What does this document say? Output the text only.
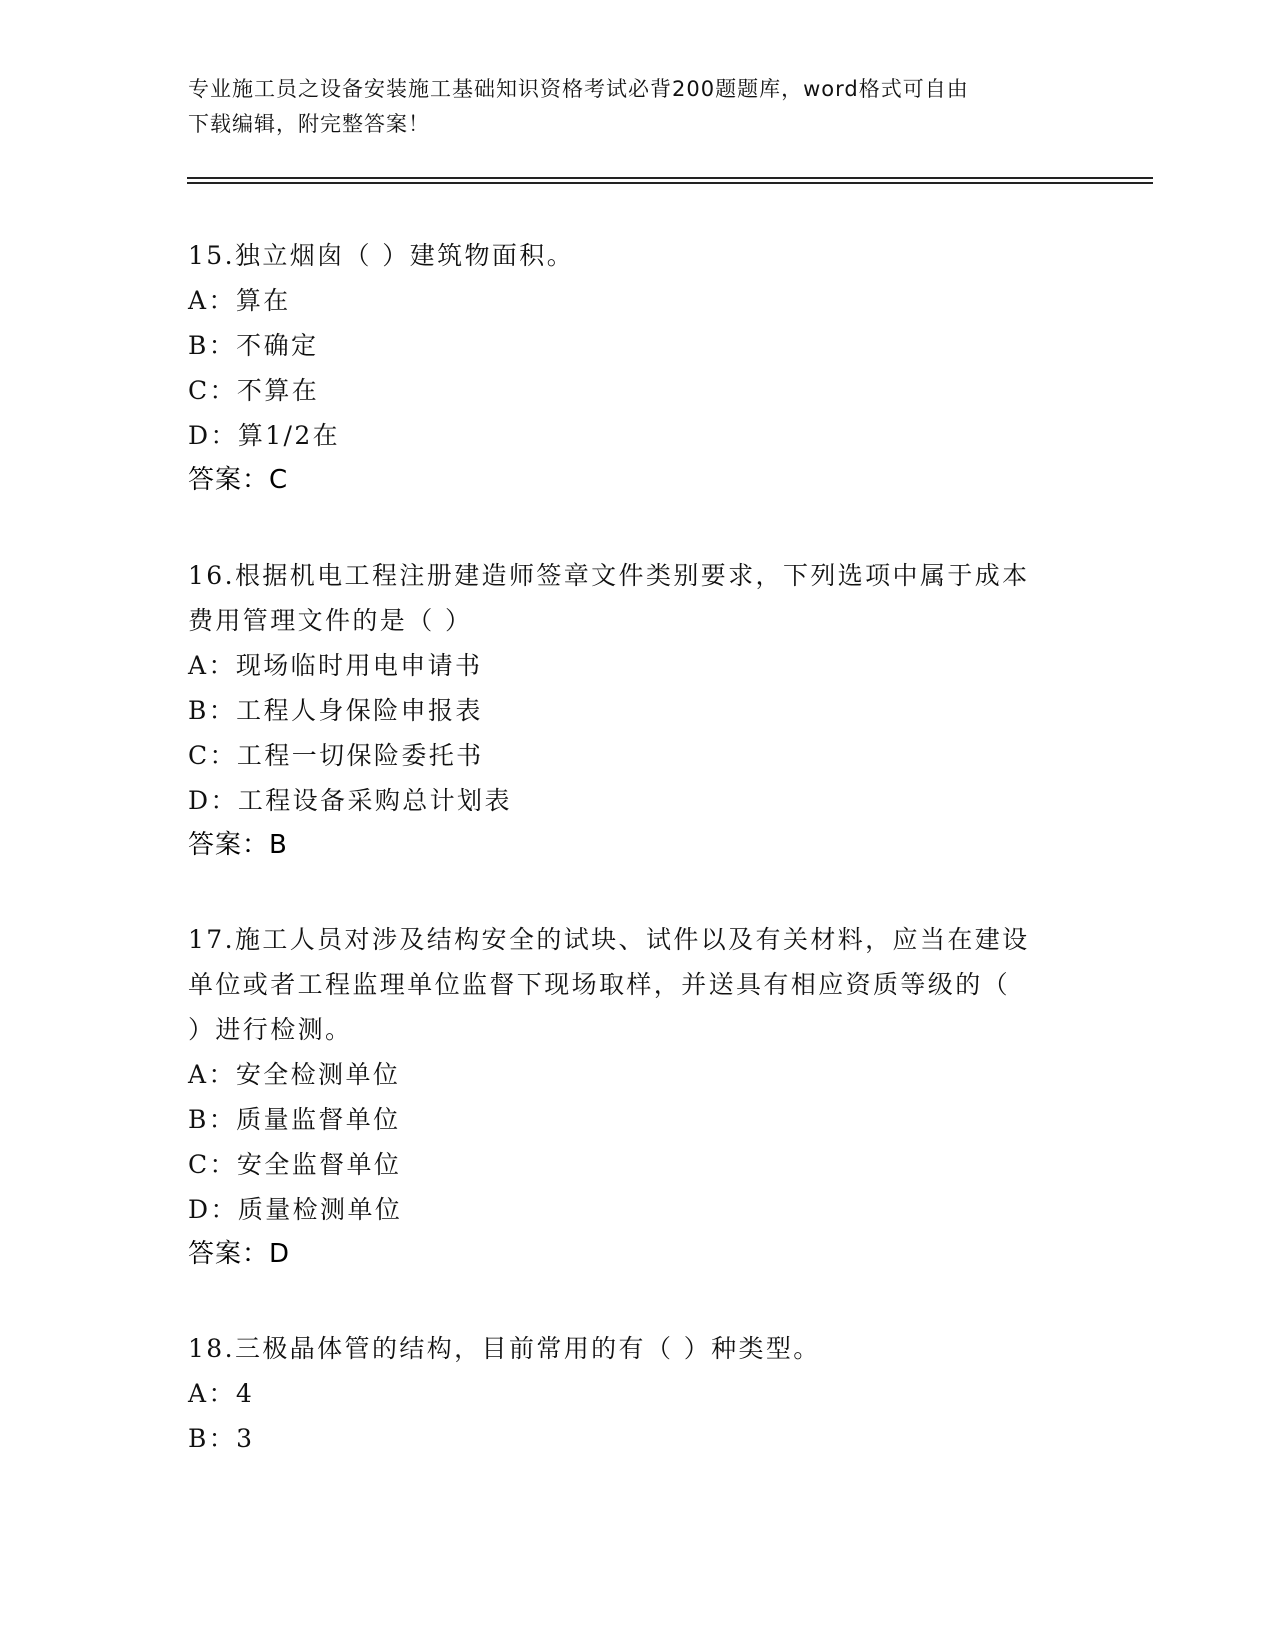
专业施工员之设备安装施工基础知识资格考试必背200题题库，word格式可自由
下载编辑，附完整答案！

15.独立烟囱（ ）建筑物面积。

A：算在

B：不确定

C：不算在

D：算1/2在

答案：C

16.根据机电工程注册建造师签章文件类别要求，下列选项中属于成本

费用管理文件的是（ ）

A：现场临时用电申请书

B：工程人身保险申报表

C：工程一切保险委托书

D：工程设备采购总计划表

答案：B

17.施工人员对涉及结构安全的试块、试件以及有关材料，应当在建设

单位或者工程监理单位监督下现场取样，并送具有相应资质等级的（

）进行检测。

A：安全检测单位

B：质量监督单位

C：安全监督单位

D：质量检测单位

答案：D

18.三极晶体管的结构，目前常用的有（ ）种类型。

A：4

B：3
